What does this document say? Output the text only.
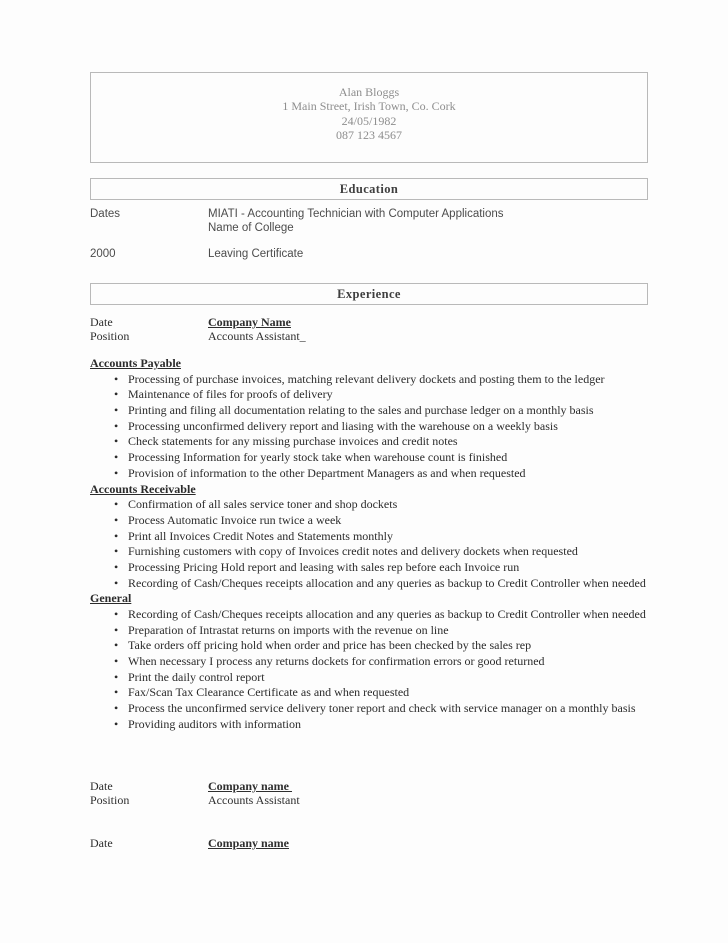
Alan Bloggs
1 Main Street, Irish Town, Co. Cork
24/05/1982
087 123 4567
Education
Dates	MIATI - Accounting Technician with Computer Applications
Name of College
2000	Leaving Certificate
Experience
Date	Company Name
Position	Accounts Assistant_
Accounts Payable
• Processing of purchase invoices, matching relevant delivery dockets and posting them to the ledger
• Maintenance of files for proofs of delivery
• Printing and filing all documentation relating to the sales and purchase ledger on a monthly basis
• Processing unconfirmed delivery report and liasing with the warehouse on a weekly basis
• Check statements for any missing purchase invoices and credit notes
• Processing Information for yearly stock take when warehouse count is finished
• Provision of information to the other Department Managers as and when requested
Accounts Receivable
• Confirmation of all sales service toner and shop dockets
• Process Automatic Invoice run twice a week
• Print all Invoices Credit Notes and Statements monthly
• Furnishing customers with copy of Invoices credit notes and delivery dockets when requested
• Processing Pricing Hold report and leasing with sales rep before each Invoice run
• Recording of Cash/Cheques receipts allocation and any queries as backup to Credit Controller when needed
General
• Recording of Cash/Cheques receipts allocation and any queries as backup to Credit Controller when needed
• Preparation of Intrastat returns on imports with the revenue on line
• Take orders off pricing hold when order and price has been checked by the sales rep
• When necessary I process any returns dockets for confirmation errors or good returned
• Print the daily control report
• Fax/Scan Tax Clearance Certificate as and when requested
• Process the unconfirmed service delivery toner report and check with service manager on a monthly basis
• Providing auditors with information
Date	Company name
Position	Accounts Assistant
Date	Company name
